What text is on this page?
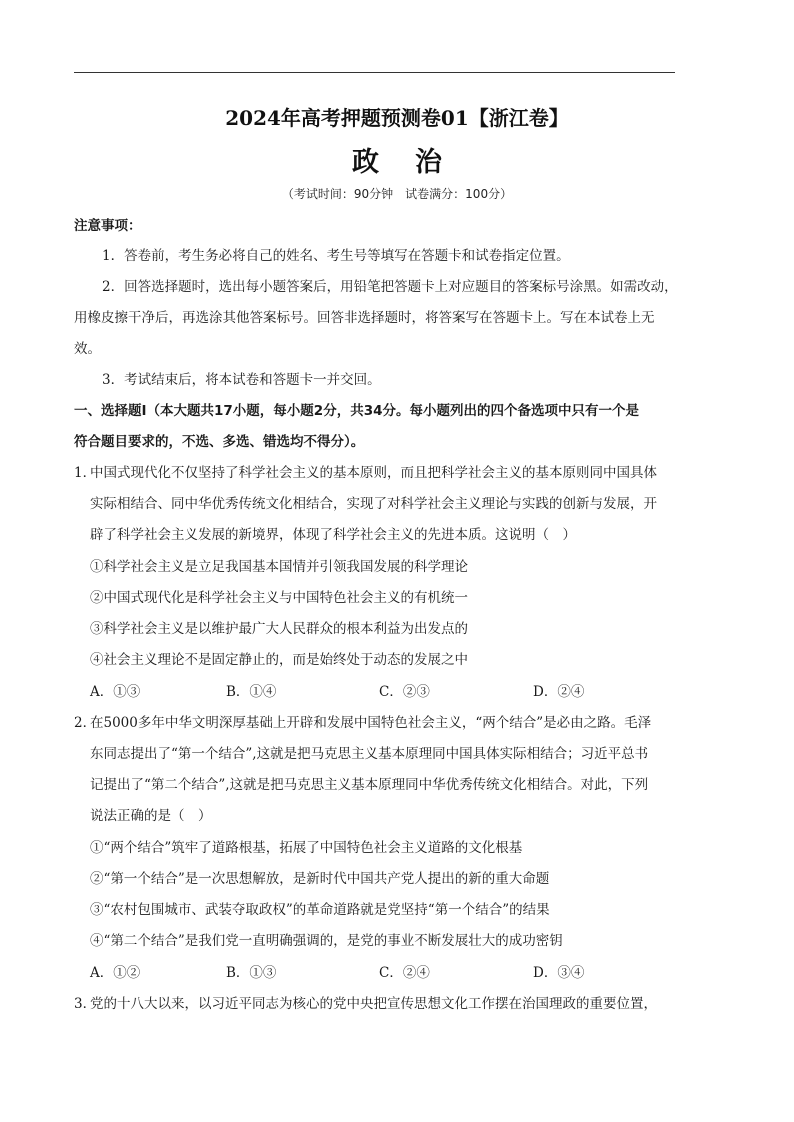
2024年高考押题预测卷01【浙江卷】
政治
（考试时间：90分钟　试卷满分：100分）
注意事项：
1．答卷前，考生务必将自己的姓名、考生号等填写在答题卡和试卷指定位置。
2．回答选择题时，选出每小题答案后，用铅笔把答题卡上对应题目的答案标号涂黑。如需改动，
用橡皮擦干净后，再选涂其他答案标号。回答非选择题时，将答案写在答题卡上。写在本试卷上无
效。
3．考试结束后，将本试卷和答题卡一并交回。
一、选择题Ⅰ（本大题共17小题，每小题2分，共34分。每小题列出的四个备选项中只有一个是
符合题目要求的，不选、多选、错选均不得分）。
1．
中国式现代化不仅坚持了科学社会主义的基本原则，而且把科学社会主义的基本原则同中国具体
实际相结合、同中华优秀传统文化相结合，实现了对科学社会主义理论与实践的创新与发展，开
辟了科学社会主义发展的新境界，体现了科学社会主义的先进本质。这说明（　）
①科学社会主义是立足我国基本国情并引领我国发展的科学理论
②中国式现代化是科学社会主义与中国特色社会主义的有机统一
③科学社会主义是以维护最广大人民群众的根本利益为出发点的
④社会主义理论不是固定静止的，而是始终处于动态的发展之中
A．①③	B．①④	C．②③	D．②④
2．
在5000多年中华文明深厚基础上开辟和发展中国特色社会主义，“两个结合”是必由之路。毛泽
东同志提出了“第一个结合”,这就是把马克思主义基本原理同中国具体实际相结合；习近平总书
记提出了“第二个结合”,这就是把马克思主义基本原理同中华优秀传统文化相结合。对此，下列
说法正确的是（　）
①“两个结合”筑牢了道路根基，拓展了中国特色社会主义道路的文化根基
②“第一个结合”是一次思想解放，是新时代中国共产党人提出的新的重大命题
③“农村包围城市、武装夺取政权”的革命道路就是党坚持“第一个结合”的结果
④“第二个结合”是我们党一直明确强调的，是党的事业不断发展壮大的成功密钥
A．①②	B．①③	C．②④	D．③④
3．
党的十八大以来，以习近平同志为核心的党中央把宣传思想文化工作摆在治国理政的重要位置，
